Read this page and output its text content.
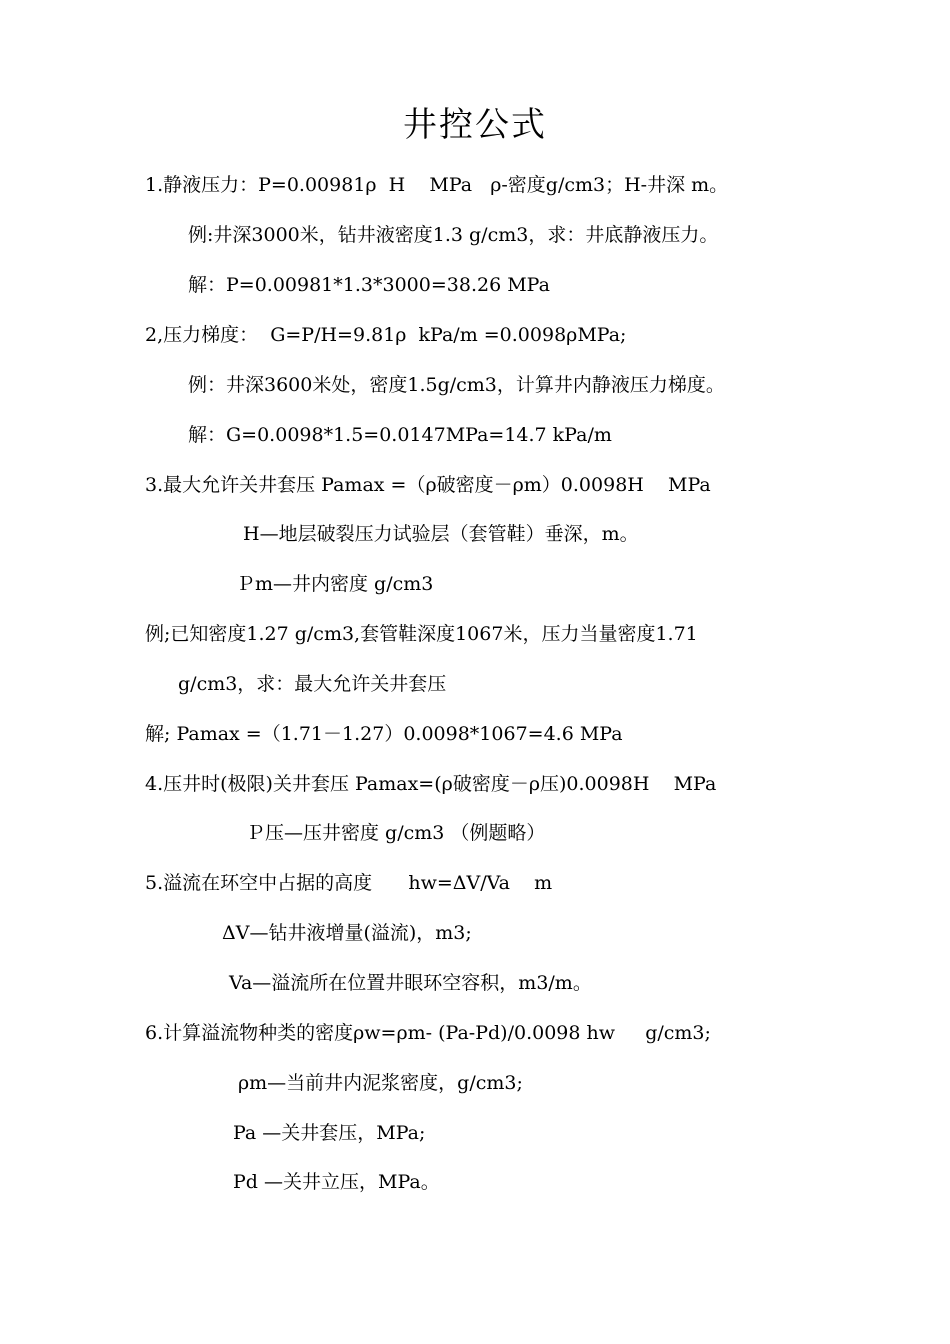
井控公式
1.静液压力：P=0.00981ρ  H    MPa   ρ-密度g/cm3；H-井深 m。
例:井深3000米，钻井液密度1.3 g/cm3，求：井底静液压力。
解：P=0.00981*1.3*3000=38.26 MPa
2,压力梯度：  G=P/H=9.81ρ  kPa/m =0.0098ρMPa;
例：井深3600米处，密度1.5g/cm3，计算井内静液压力梯度。
解：G=0.0098*1.5=0.0147MPa=14.7 kPa/m
3.最大允许关井套压 Pamax =（ρ破密度－ρm）0.0098H    MPa
H—地层破裂压力试验层（套管鞋）垂深，m。
Ｐm—井内密度 g/cm3
例;已知密度1.27 g/cm3,套管鞋深度1067米，压力当量密度1.71
g/cm3，求：最大允许关井套压
解; Pamax =（1.71－1.27）0.0098*1067=4.6 MPa
4.压井时(极限)关井套压 Pamax=(ρ破密度－ρ压)0.0098H    MPa
Ｐ压—压井密度 g/cm3 （例题略）
5.溢流在环空中占据的高度      hw=ΔV/Va    m
ΔV—钻井液增量(溢流)，m3;
Va—溢流所在位置井眼环空容积，m3/m。
6.计算溢流物种类的密度ρw=ρm- (Pa-Pd)/0.0098 hw     g/cm3;
ρm—当前井内泥浆密度，g/cm3;
Pa —关井套压，MPa;
Pd —关井立压，MPa。
